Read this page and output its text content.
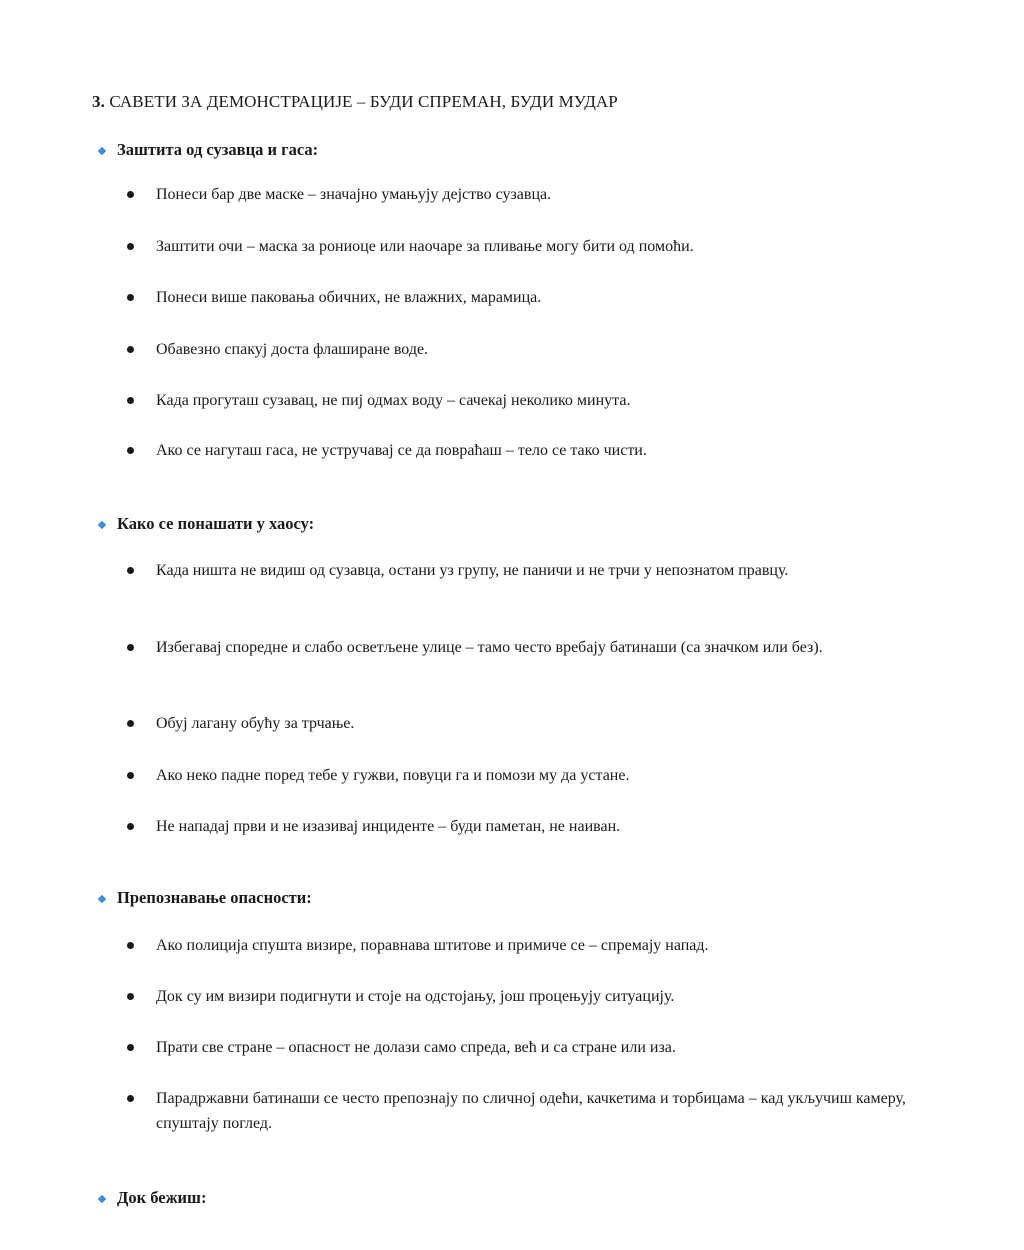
3. САВЕТИ ЗА ДЕМОНСТРАЦИЈЕ – БУДИ СПРЕМАН, БУДИ МУДАР
Заштита од сузавца и гаса:
Понеси бар две маске – значајно умањују дејство сузавца.
Заштити очи – маска за рониоце или наочаре за пливање могу бити од помоћи.
Понеси више паковања обичних, не влажних, марамица.
Обавезно спакуј доста флаширане воде.
Када прогуташ сузавац, не пиј одмах воду – сачекај неколико минута.
Ако се нагуташ гаса, не устручавај се да повраћаш – тело се тако чисти.
Како се понашати у хаосу:
Када ништа не видиш од сузавца, остани уз групу, не паничи и не трчи у непознатом правцу.
Избегавај споредне и слабо осветљене улице – тамо често вребају батинаши (са значком или без).
Обуј лагану обућу за трчање.
Ако неко падне поред тебе у гужви, повуци га и помози му да устане.
Не нападај први и не изазивај инциденте – буди паметан, не наиван.
Препознавање опасности:
Ако полиција спушта визире, поравнава штитове и примиче се – спремају напад.
Док су им визири подигнути и стоје на одстојању, још процењују ситуацију.
Прати све стране – опасност не долази само спреда, већ и са стране или иза.
Парадржавни батинаши се често препознају по сличној одећи, качкетима и торбицама – кад укључиш камеру, спуштају поглед.
Док бежиш:
